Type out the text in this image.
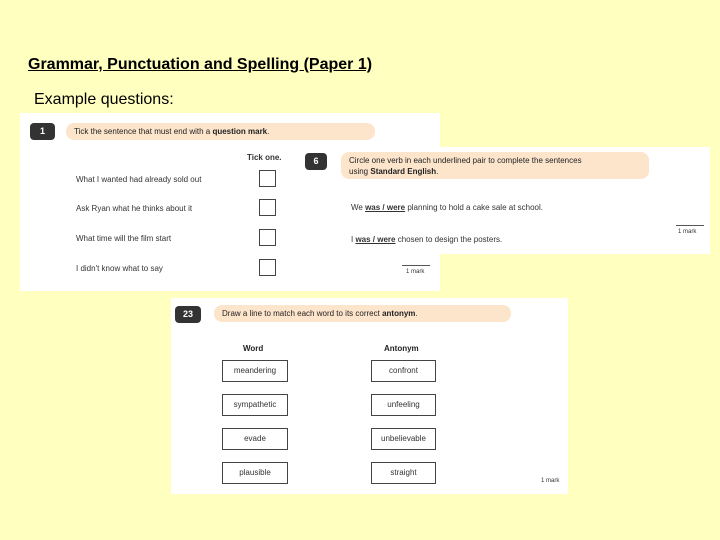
Grammar, Punctuation and Spelling (Paper 1)
Example questions:
1	Tick the sentence that must end with a question mark.
Tick one.
What I wanted had already sold out
Ask Ryan what he thinks about it
What time will the film start
I didn't know what to say	1 mark
6	Circle one verb in each underlined pair to complete the sentences
using Standard English.
We was / were planning to hold a cake sale at school.
I was / were chosen to design the posters.
1 mark
23	Draw a line to match each word to its correct antonym.
Word	Antonym
meandering	confront
sympathetic	unfeeling
evade	unbelievable
plausible	straight
1 mark
